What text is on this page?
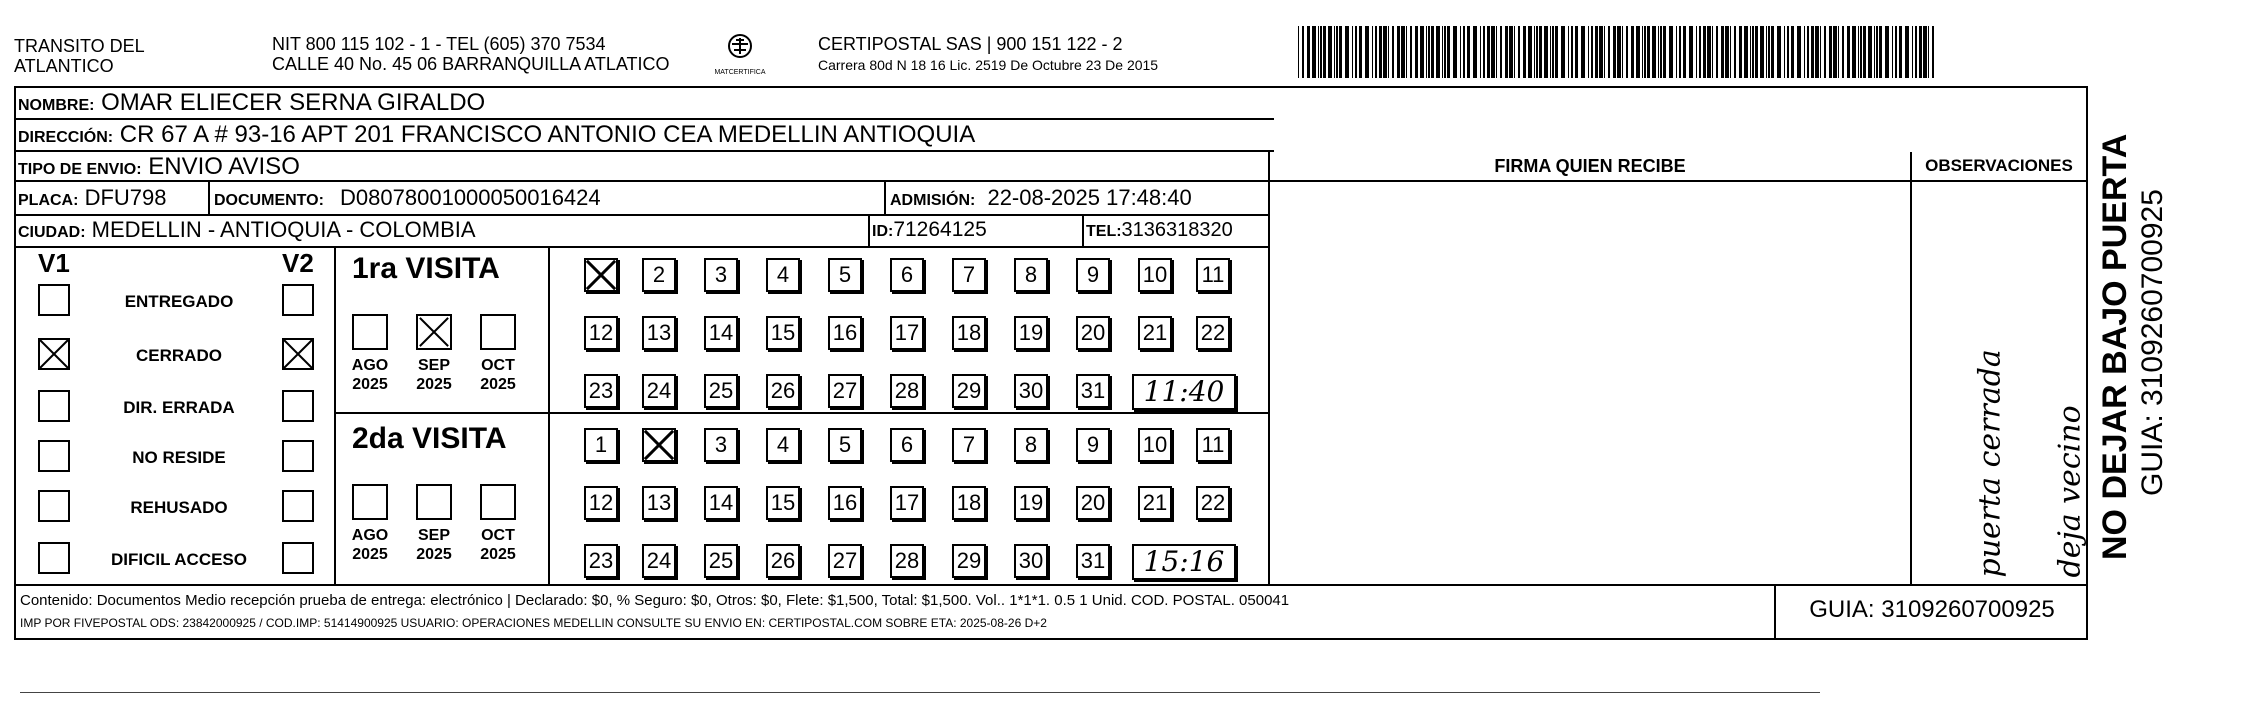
TRANSITO DEL
ATLANTICO
NIT 800 115 102 - 1 - TEL (605) 370 7534
CALLE 40 No. 45 06 BARRANQUILLA ATLATICO	MATCERTIFICA
CERTIPOSTAL SAS | 900 151 122 - 2
Carrera 80d N 18 16 Lic. 2519 De Octubre 23 De 2015
NOMBRE: OMAR ELIECER SERNA GIRALDO
DIRECCIÓN: CR 67 A # 93-16 APT 201 FRANCISCO ANTONIO CEA MEDELLIN ANTIOQUIA
TIPO DE ENVIO: ENVIO AVISO
PLACA: DFU798	DOCUMENTO: D08078001000050016424	ADMISIÓN: 22-08-2025 17:48:40
CIUDAD: MEDELLIN - ANTIOQUIA - COLOMBIA	ID:71264125	TEL:3136318320
FIRMA QUIEN RECIBE	OBSERVACIONES
puerta cerrada deja vecino
V1	V2
ENTREGADO
CERRADO
DIR. ERRADA
NO RESIDE
REHUSADO
DIFICIL ACCESO
1ra VISITA
AGO
2025
SEP
2025
OCT
2025
2	3	4	5	6	7	8	9	10 11
12 13 14 15 16 17 18 19 20 21 22
23 24 25 26 27 28 29 30 31	11:40
2da VISITA
AGO
2025
SEP
2025
OCT
2025
1	3	4	5	6	7	8	9	10 11
12 13 14 15 16 17 18 19 20 21 22
23 24 25 26 27 28 29 30 31	15:16
Contenido: Documentos Medio recepción prueba de entrega: electrónico | Declarado: $0, % Seguro: $0, Otros: $0, Flete: $1,500, Total: $1,500. Vol.. 1*1*1. 0.5 1 Unid. COD. POSTAL. 050041
IMP POR FIVEPOSTAL ODS: 23842000925 / COD.IMP: 51414900925 USUARIO: OPERACIONES MEDELLIN CONSULTE SU ENVIO EN: CERTIPOSTAL.COM SOBRE ETA: 2025-08-26 D+2	GUIA: 3109260700925
NO DEJAR BAJO PUERTA GUIA: 3109260700925
